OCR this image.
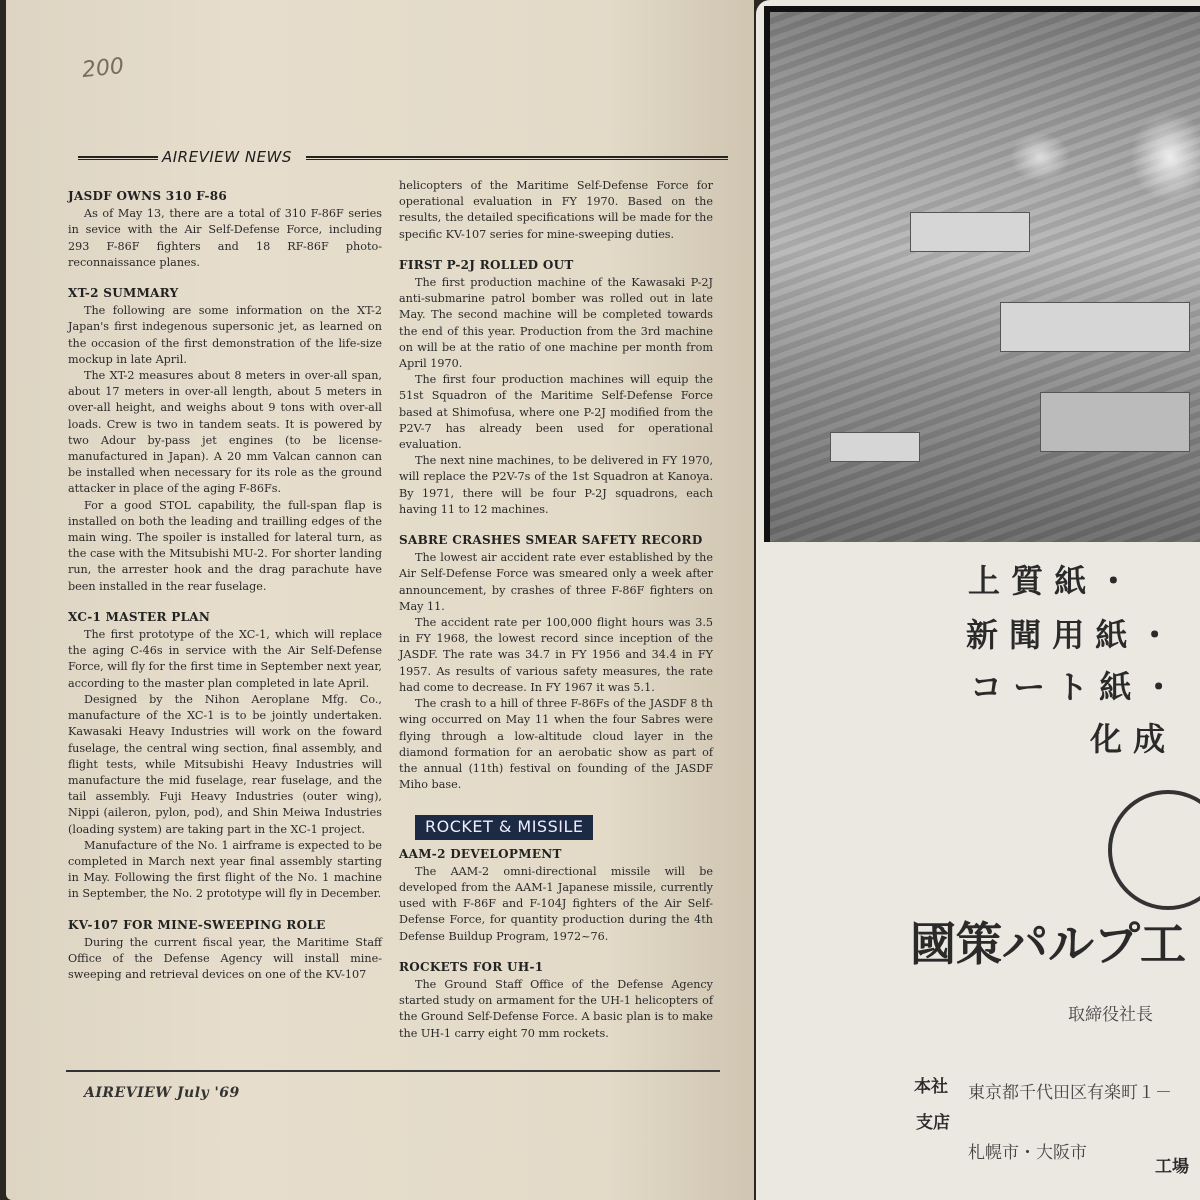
200
AIREVIEW NEWS
JASDF OWNS 310 F-86

As of May 13, there are a total of 310 F-86F series in sevice with the Air Self-Defense Force, including 293 F-86F fighters and 18 RF-86F photo-reconnaissance planes.

XT-2 SUMMARY

The following are some information on the XT-2 Japan's first indegenous supersonic jet, as learned on the occasion of the first demonstration of the life-size mockup in late April.

The XT-2 measures about 8 meters in over-all span, about 17 meters in over-all length, about 5 meters in over-all height, and weighs about 9 tons with over-all loads. Crew is two in tandem seats. It is powered by two Adour by-pass jet engines (to be license-manufactured in Japan). A 20 mm Valcan cannon can be installed when necessary for its role as the ground attacker in place of the aging F-86Fs.

For a good STOL capability, the full-span flap is installed on both the leading and trailling edges of the main wing. The spoiler is installed for lateral turn, as the case with the Mitsubishi MU-2. For shorter landing run, the arrester hook and the drag parachute have been installed in the rear fuselage.

XC-1 MASTER PLAN

The first prototype of the XC-1, which will replace the aging C-46s in service with the Air Self-Defense Force, will fly for the first time in September next year, according to the master plan completed in late April.

Designed by the Nihon Aeroplane Mfg. Co., manufacture of the XC-1 is to be jointly undertaken. Kawasaki Heavy Industries will work on the foward fuselage, the central wing section, final assembly, and flight tests, while Mitsubishi Heavy Industries will manufacture the mid fuselage, rear fuselage, and the tail assembly. Fuji Heavy Industries (outer wing), Nippi (aileron, pylon, pod), and Shin Meiwa Industries (loading system) are taking part in the XC-1 project.

Manufacture of the No. 1 airframe is expected to be completed in March next year final assembly starting in May. Following the first flight of the No. 1 machine in September, the No. 2 prototype will fly in December.

KV-107 FOR MINE-SWEEPING ROLE

During the current fiscal year, the Maritime Staff Office of the Defense Agency will install mine-sweeping and retrieval devices on one of the KV-107

helicopters of the Maritime Self-Defense Force for operational evaluation in FY 1970. Based on the results, the detailed specifications will be made for the specific KV-107 series for mine-sweeping duties.

FIRST P-2J ROLLED OUT

The first production machine of the Kawasaki P-2J anti-submarine patrol bomber was rolled out in late May. The second machine will be completed towards the end of this year. Production from the 3rd machine on will be at the ratio of one machine per month from April 1970.

The first four production machines will equip the 51st Squadron of the Maritime Self-Defense Force based at Shimofusa, where one P-2J modified from the P2V-7 has already been used for operational evaluation.

The next nine machines, to be delivered in FY 1970, will replace the P2V-7s of the 1st Squadron at Kanoya. By 1971, there will be four P-2J squadrons, each having 11 to 12 machines.

SABRE CRASHES SMEAR SAFETY RECORD

The lowest air accident rate ever established by the Air Self-Defense Force was smeared only a week after announcement, by crashes of three F-86F fighters on May 11.

The accident rate per 100,000 flight hours was 3.5 in FY 1968, the lowest record since inception of the JASDF. The rate was 34.7 in FY 1956 and 34.4 in FY 1957. As results of various safety measures, the rate had come to decrease. In FY 1967 it was 5.1.

The crash to a hill of three F-86Fs of the JASDF 8 th wing occurred on May 11 when the four Sabres were flying through a low-altitude cloud layer in the diamond formation for an aerobatic show as part of the annual (11th) festival on founding of the JASDF Miho base.

ROCKET & MISSILE
AAM-2 DEVELOPMENT

The AAM-2 omni-directional missile will be developed from the AAM-1 Japanese missile, currently used with F-86F and F-104J fighters of the Air Self-Defense Force, for quantity production during the 4th Defense Buildup Program, 1972~76.

ROCKETS FOR UH-1

The Ground Staff Office of the Defense Agency started study on armament for the UH-1 helicopters of the Ground Self-Defense Force. A basic plan is to make the UH-1 carry eight 70 mm rockets.

AIREVIEW July '69
上 質 紙 ・
新 聞 用 紙 ・
コ ー ト 紙 ・
化 成
國策パルプ工
取締役社長
本社 東京都千代田区有楽町１－
支店
札幌市・大阪市
工場
